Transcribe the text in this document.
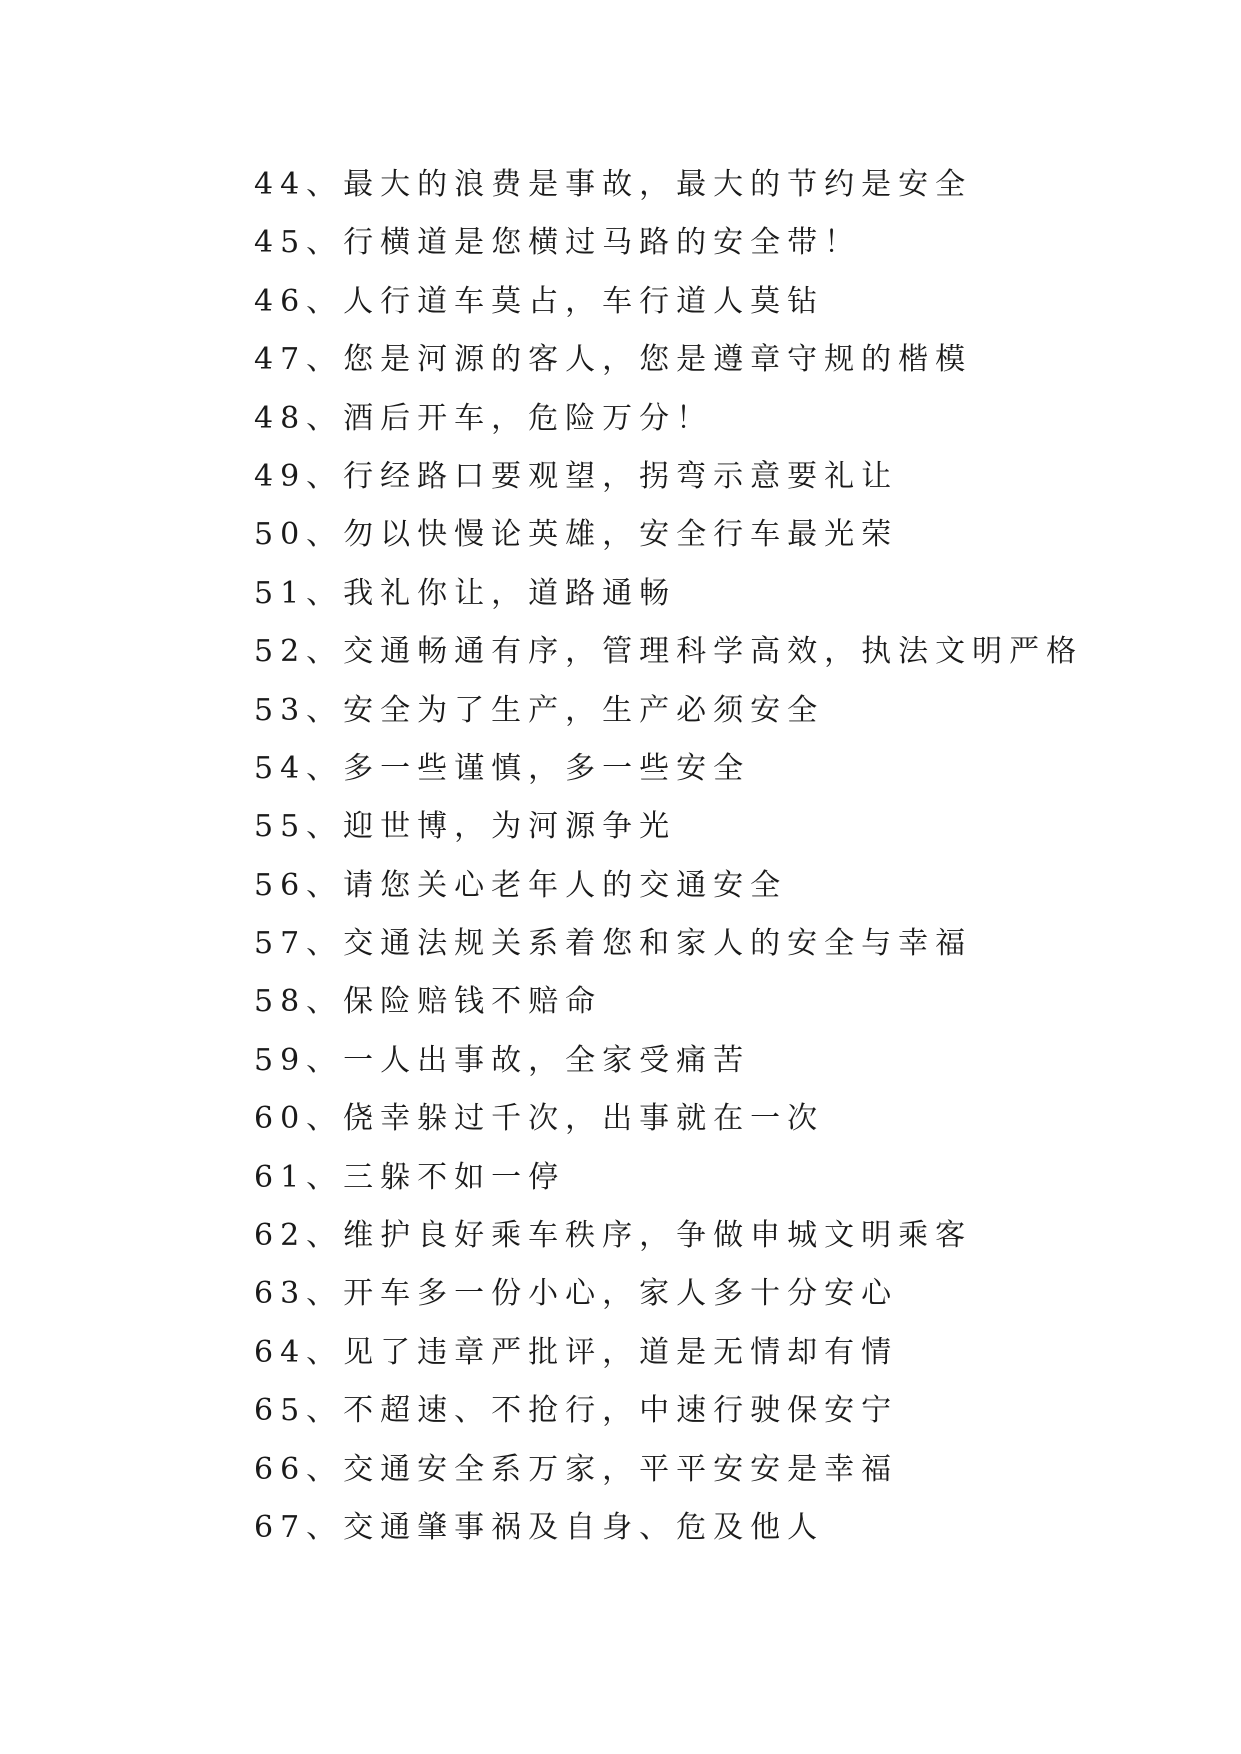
44、最大的浪费是事故，最大的节约是安全
45、行横道是您横过马路的安全带！
46、人行道车莫占，车行道人莫钻
47、您是河源的客人，您是遵章守规的楷模
48、酒后开车，危险万分！
49、行经路口要观望，拐弯示意要礼让
50、勿以快慢论英雄，安全行车最光荣
51、我礼你让，道路通畅
52、交通畅通有序，管理科学高效，执法文明严格
53、安全为了生产，生产必须安全
54、多一些谨慎，多一些安全
55、迎世博，为河源争光
56、请您关心老年人的交通安全
57、交通法规关系着您和家人的安全与幸福
58、保险赔钱不赔命
59、一人出事故，全家受痛苦
60、侥幸躲过千次，出事就在一次
61、三躲不如一停
62、维护良好乘车秩序，争做申城文明乘客
63、开车多一份小心，家人多十分安心
64、见了违章严批评，道是无情却有情
65、不超速、不抢行，中速行驶保安宁
66、交通安全系万家，平平安安是幸福
67、交通肇事祸及自身、危及他人
